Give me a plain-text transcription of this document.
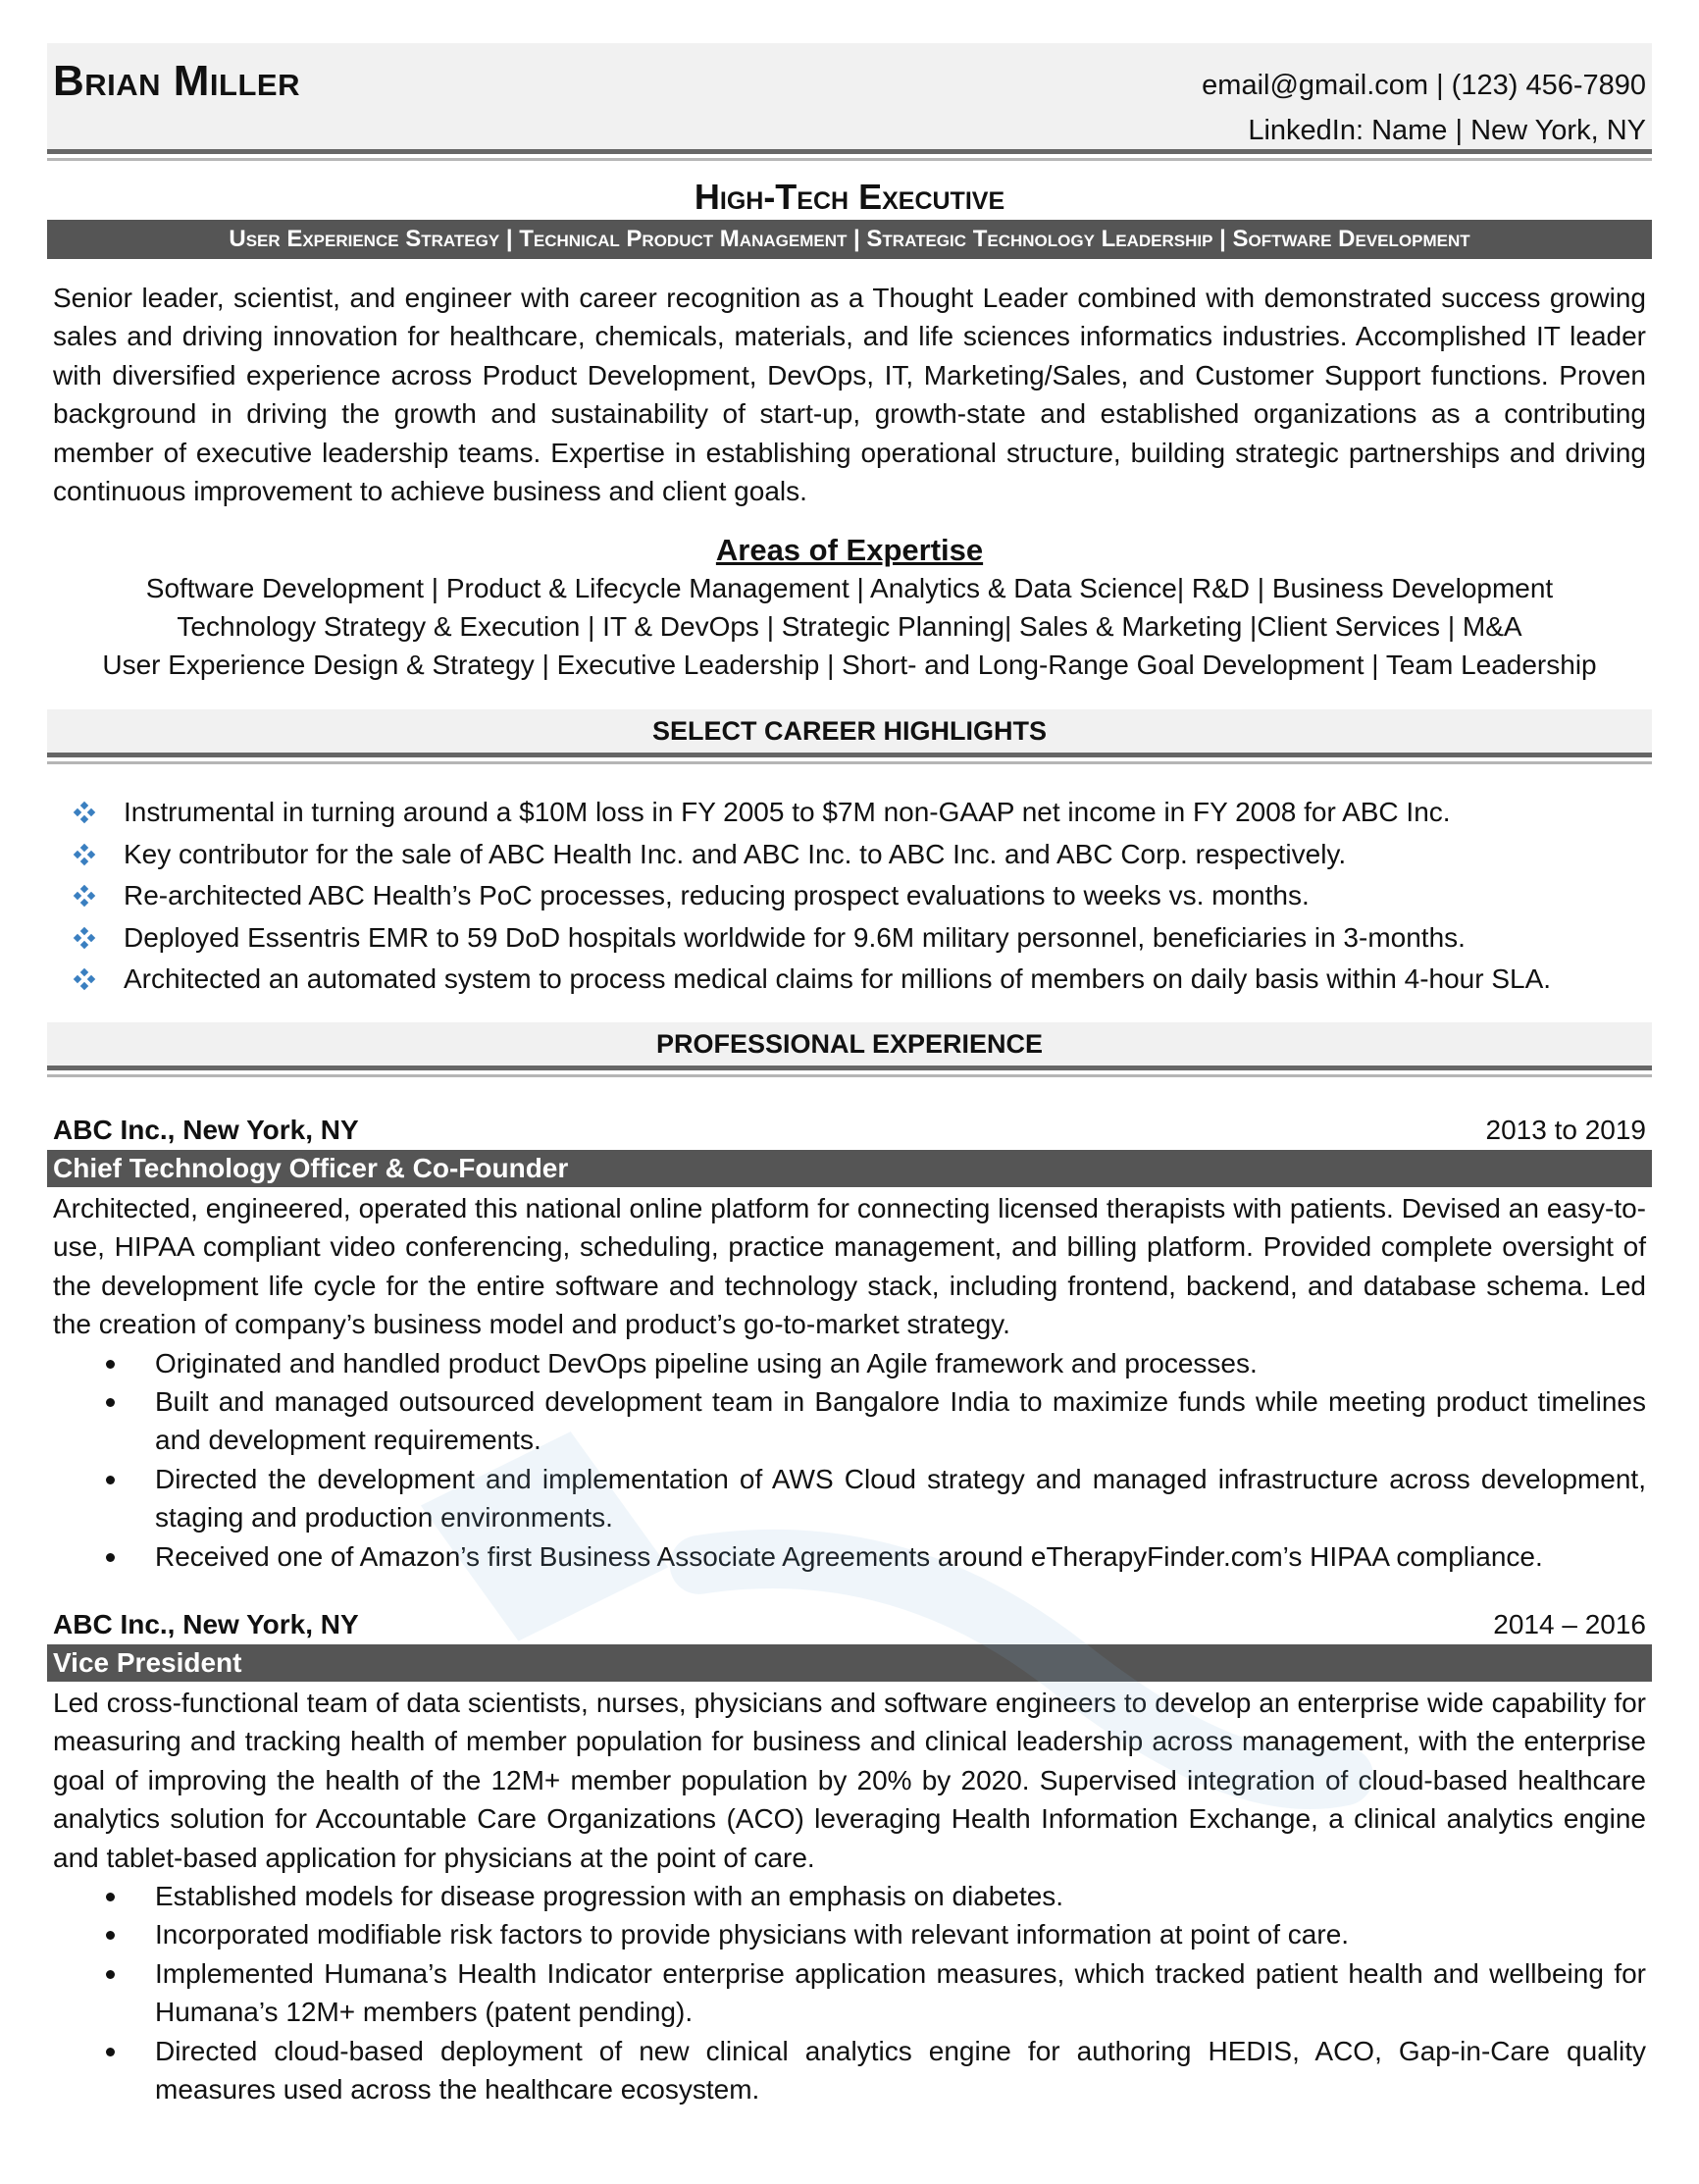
Brian Miller	email@gmail.com | (123) 456-7890
LinkedIn: Name | New York, NY
High-Tech Executive
User Experience Strategy | Technical Product Management | Strategic Technology Leadership | Software Development
Senior leader, scientist, and engineer with career recognition as a Thought Leader combined with demonstrated success growing sales and driving innovation for healthcare, chemicals, materials, and life sciences informatics industries. Accomplished IT leader with diversified experience across Product Development, DevOps, IT, Marketing/Sales, and Customer Support functions. Proven background in driving the growth and sustainability of start-up, growth-state and established organizations as a contributing member of executive leadership teams. Expertise in establishing operational structure, building strategic partnerships and driving continuous improvement to achieve business and client goals.
Areas of Expertise
Software Development | Product & Lifecycle Management | Analytics & Data Science| R&D | Business Development
Technology Strategy & Execution | IT & DevOps | Strategic Planning| Sales & Marketing |Client Services | M&A
User Experience Design & Strategy | Executive Leadership | Short- and Long-Range Goal Development | Team Leadership
SELECT CAREER HIGHLIGHTS
Instrumental in turning around a $10M loss in FY 2005 to $7M non-GAAP net income in FY 2008 for ABC Inc.
Key contributor for the sale of ABC Health Inc. and ABC Inc. to ABC Inc. and ABC Corp. respectively.
Re-architected ABC Health’s PoC processes, reducing prospect evaluations to weeks vs. months.
Deployed Essentris EMR to 59 DoD hospitals worldwide for 9.6M military personnel, beneficiaries in 3-months.
Architected an automated system to process medical claims for millions of members on daily basis within 4-hour SLA.
PROFESSIONAL EXPERIENCE
ABC Inc., New York, NY	2013 to 2019
Chief Technology Officer & Co-Founder
Architected, engineered, operated this national online platform for connecting licensed therapists with patients. Devised an easy-to-use, HIPAA compliant video conferencing, scheduling, practice management, and billing platform. Provided complete oversight of the development life cycle for the entire software and technology stack, including frontend, backend, and database schema. Led the creation of company’s business model and product’s go-to-market strategy.
Originated and handled product DevOps pipeline using an Agile framework and processes.
Built and managed outsourced development team in Bangalore India to maximize funds while meeting product timelines and development requirements.
Directed the development and implementation of AWS Cloud strategy and managed infrastructure across development, staging and production environments.
Received one of Amazon’s first Business Associate Agreements around eTherapyFinder.com’s HIPAA compliance.
ABC Inc., New York, NY	2014 – 2016
Vice President
Led cross-functional team of data scientists, nurses, physicians and software engineers to develop an enterprise wide capability for measuring and tracking health of member population for business and clinical leadership across management, with the enterprise goal of improving the health of the 12M+ member population by 20% by 2020. Supervised integration of cloud-based healthcare analytics solution for Accountable Care Organizations (ACO) leveraging Health Information Exchange, a clinical analytics engine and tablet-based application for physicians at the point of care.
Established models for disease progression with an emphasis on diabetes.
Incorporated modifiable risk factors to provide physicians with relevant information at point of care.
Implemented Humana’s Health Indicator enterprise application measures, which tracked patient health and wellbeing for Humana’s 12M+ members (patent pending).
Directed cloud-based deployment of new clinical analytics engine for authoring HEDIS, ACO, Gap-in-Care quality measures used across the healthcare ecosystem.
